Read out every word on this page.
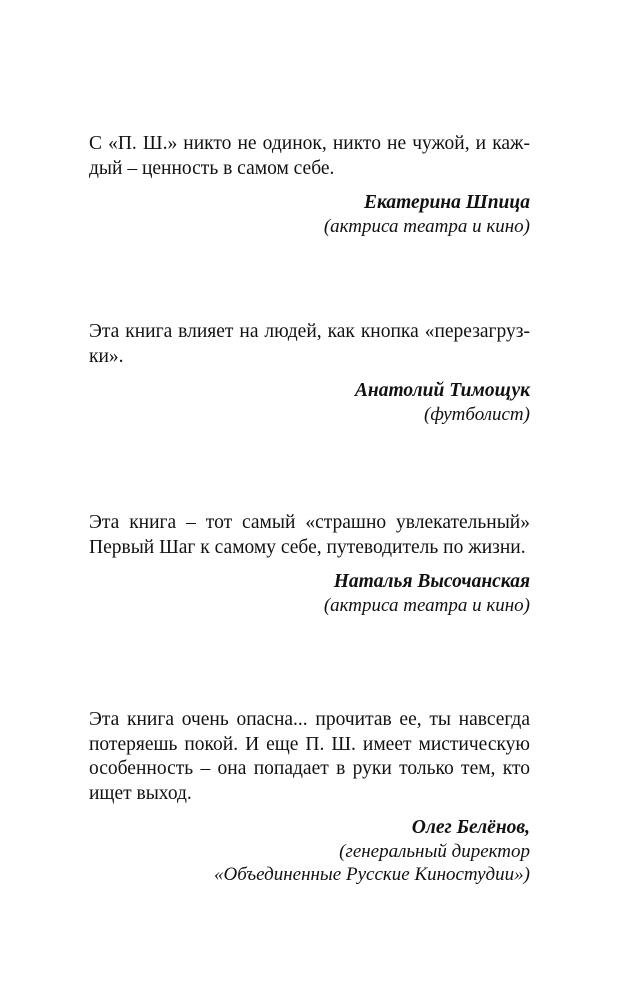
С «П. Ш.» никто не одинок, никто не чужой, и каж-
дый – ценность в самом себе.

Екатерина Шпица
(актриса театра и кино)

Эта книга влияет на людей, как кнопка «перезагруз-
ки».

Анатолий Тимощук
(футболист)

Эта книга – тот самый «страшно увлекательный»
Первый Шаг к самому себе, путеводитель по жизни.

Наталья Высочанская
(актриса театра и кино)

Эта книга очень опасна... прочитав ее, ты навсегда
потеряешь покой. И еще П. Ш. имеет мистическую
особенность – она попадает в руки только тем, кто
ищет выход.

Олег Белёнов,
(генеральный директор
«Объединенные Русские Киностудии»)
